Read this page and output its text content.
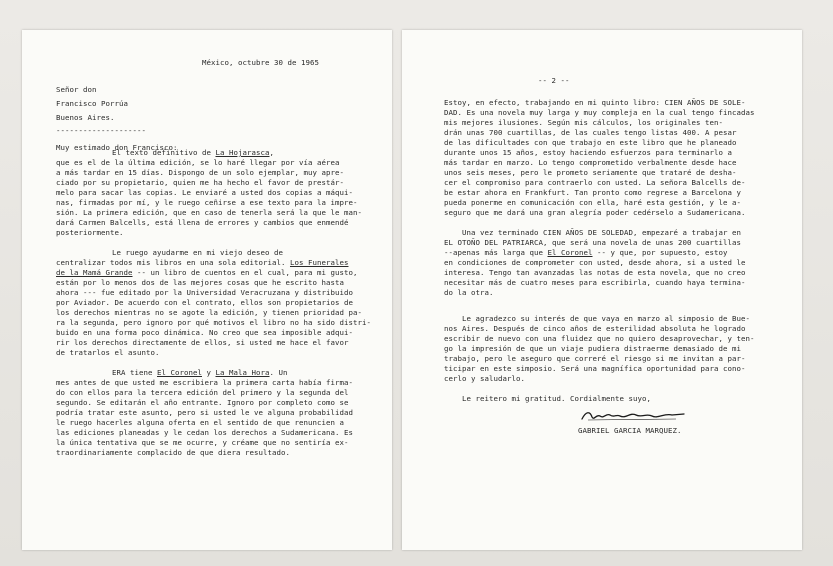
México, octubre 30 de 1965
Señor don
Francisco Porrúa
Buenos Aires.
--------------------
Muy estimado don Francisco:
El texto definitivo de La Hojarasca,
que es el de la última edición, se lo haré llegar por vía aérea
a más tardar en 15 días. Dispongo de un solo ejemplar, muy apre-
ciado por su propietario, quien me ha hecho el favor de prestár-
melo para sacar las copias. Le enviaré a usted dos copias a máqui-
nas, firmadas por mí, y le ruego ceñirse a ese texto para la impre-
sión. La primera edición, que en caso de tenerla será la que le man-
dará Carmen Balcells, está llena de errores y cambios que enmendé
posteriormente.
Le ruego ayudarme en mi viejo deseo de
centralizar todos mis libros en una sola editorial. Los Funerales
de la Mamá Grande -- un libro de cuentos en el cual, para mi gusto,
están por lo menos dos de las mejores cosas que he escrito hasta
ahora --- fue editado por la Universidad Veracruzana y distribuido
por Aviador. De acuerdo con el contrato, ellos son propietarios de
los derechos mientras no se agote la edición, y tienen prioridad pa-
ra la segunda, pero ignoro por qué motivos el libro no ha sido distri-
buido en una forma poco dinámica. No creo que sea imposible adqui-
rir los derechos directamente de ellos, si usted me hace el favor
de tratarlos el asunto.
ERA tiene El Coronel y La Mala Hora. Un
mes antes de que usted me escribiera la primera carta había firma-
do con ellos para la tercera edición del primero y la segunda del
segundo. Se editarán el año entrante. Ignoro por completo como se
podría tratar este asunto, pero si usted le ve alguna probabilidad
le ruego hacerles alguna oferta en el sentido de que renuncien a
las ediciones planeadas y le cedan los derechos a Sudamericana. Es
la única tentativa que se me ocurre, y créame que no sentiría ex-
traordinariamente complacido de que diera resultado.
-- 2 --
Estoy, en efecto, trabajando en mi quinto libro: CIEN AÑOS DE SOLE-
DAD. Es una novela muy larga y muy compleja en la cual tengo fincadas
mis mejores ilusiones. Según mis cálculos, los originales ten-
drán unas 700 cuartillas, de las cuales tengo listas 400. A pesar
de las dificultades con que trabajo en este libro que he planeado
durante unos 15 años, estoy haciendo esfuerzos para terminarlo a
más tardar en marzo. Lo tengo comprometido verbalmente desde hace
unos seis meses, pero le prometo seriamente que trataré de desha-
cer el compromiso para contraerlo con usted. La señora Balcells de-
be estar ahora en Frankfurt. Tan pronto como regrese a Barcelona y
pueda ponerme en comunicación con ella, haré esta gestión, y le a-
seguro que me dará una gran alegría poder cedérselo a Sudamericana.
Una vez terminado CIEN AÑOS DE SOLEDAD, empezaré a trabajar en
EL OTOÑO DEL PATRIARCA, que será una novela de unas 200 cuartillas
--apenas más larga que El Coronel -- y que, por supuesto, estoy
en condiciones de comprometer con usted, desde ahora, si a usted le
interesa. Tengo tan avanzadas las notas de esta novela, que no creo
necesitar más de cuatro meses para escribirla, cuando haya termina-
do la otra.
Le agradezco su interés de que vaya en marzo al simposio de Bue-
nos Aires. Después de cinco años de esterilidad absoluta he logrado
escribir de nuevo con una fluidez que no quiero desaprovechar, y ten-
go la impresión de que un viaje pudiera distraerme demasiado de mi
trabajo, pero le aseguro que correré el riesgo si me invitan a par-
ticipar en este simposio. Será una magnífica oportunidad para cono-
cerlo y saludarlo.
Le reitero mi gratitud. Cordialmente suyo,
GABRIEL GARCIA MARQUEZ.
